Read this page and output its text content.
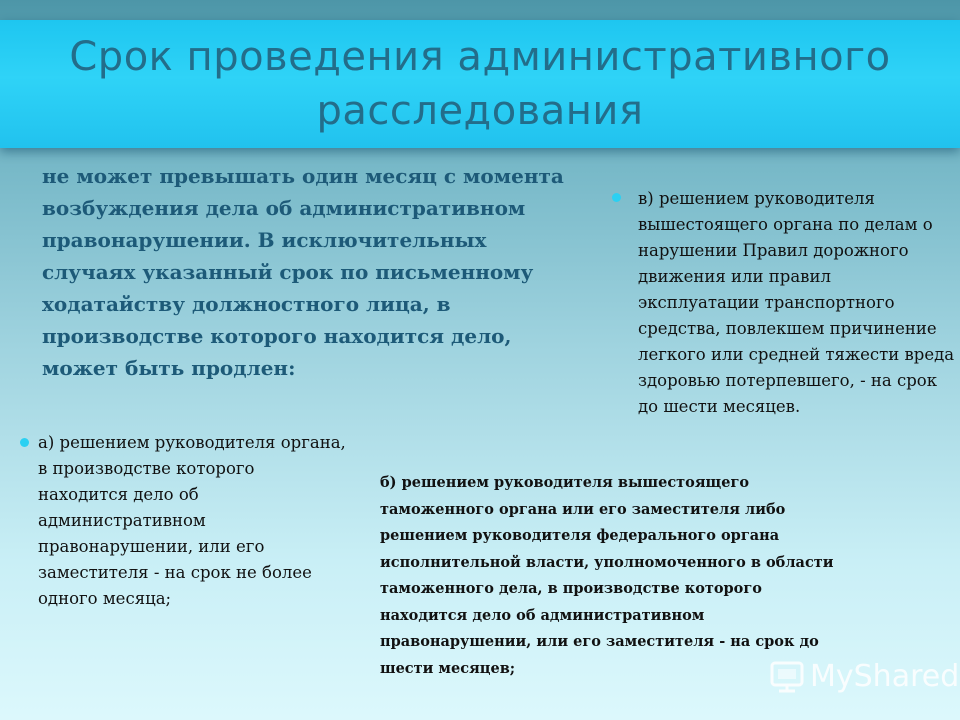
Срок проведения административного
расследования
не может превышать один месяц с момента возбуждения дела об административном правонарушении. В исключительных случаях указанный срок по письменному ходатайству должностного лица, в производстве которого находится дело, может быть продлен:
а) решением руководителя органа, в производстве которого находится дело об административном правонарушении, или его заместителя - на срок не более одного месяца;
в) решением руководителя вышестоящего органа по делам о нарушении Правил дорожного движения или правил эксплуатации транспортного средства, повлекшем причинение легкого или средней тяжести вреда здоровью потерпевшего, - на срок до шести месяцев.
б) решением руководителя вышестоящего таможенного органа или его заместителя либо решением руководителя федерального органа исполнительной власти, уполномоченного в области таможенного дела, в производстве которого находится дело об административном правонарушении, или его заместителя - на срок до шести месяцев;	MyShared
